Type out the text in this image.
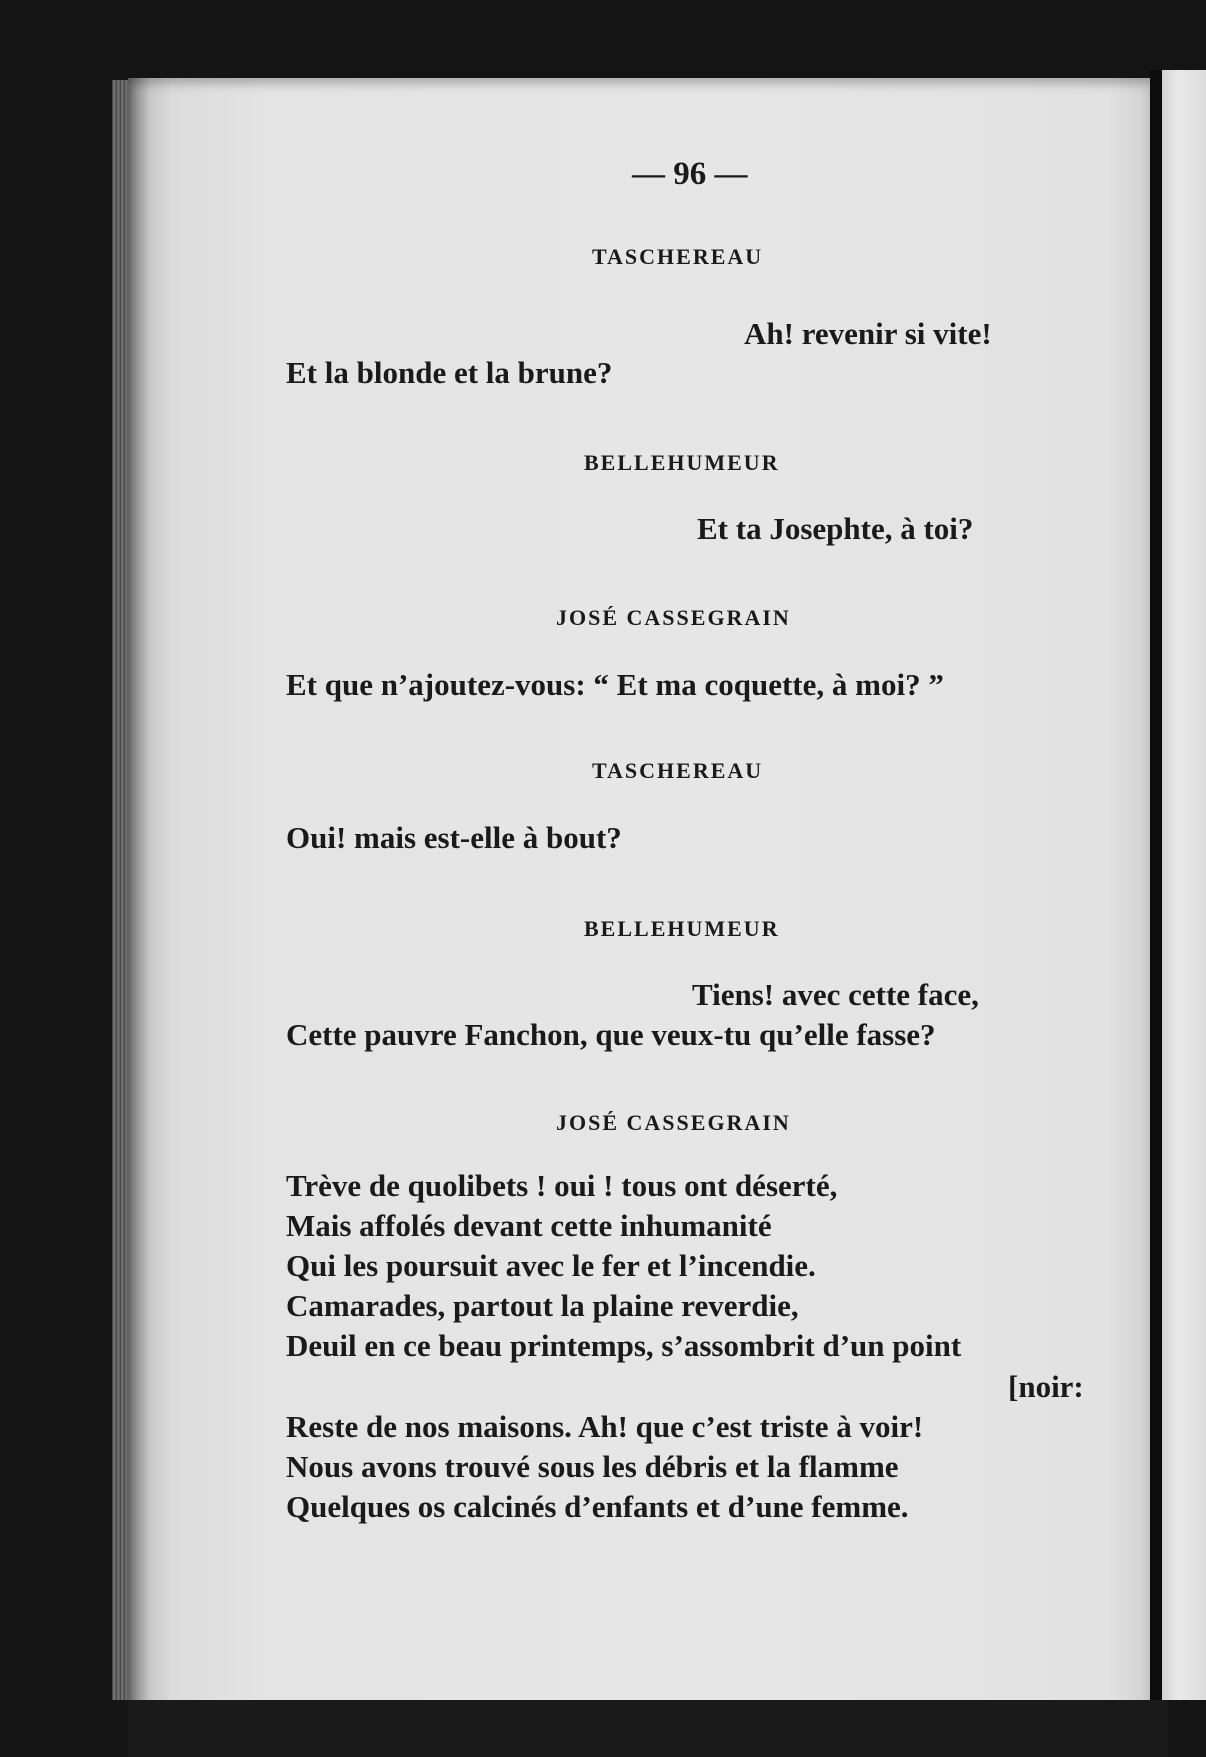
— 96 —
TASCHEREAU
Ah! revenir si vite!
Et la blonde et la brune?
BELLEHUMEUR
Et ta Josephte, à toi?
JOSÉ CASSEGRAIN
Et que n’ajoutez-vous: “ Et ma coquette, à moi? ”
TASCHEREAU
Oui! mais est-elle à bout?
BELLEHUMEUR
Tiens! avec cette face,
Cette pauvre Fanchon, que veux-tu qu’elle fasse?
JOSÉ CASSEGRAIN
Trève de quolibets ! oui ! tous ont déserté,
Mais affolés devant cette inhumanité
Qui les poursuit avec le fer et l’incendie.
Camarades, partout la plaine reverdie,
Deuil en ce beau printemps, s’assombrit d’un point
[noir:
Reste de nos maisons. Ah! que c’est triste à voir!
Nous avons trouvé sous les débris et la flamme
Quelques os calcinés d’enfants et d’une femme.
